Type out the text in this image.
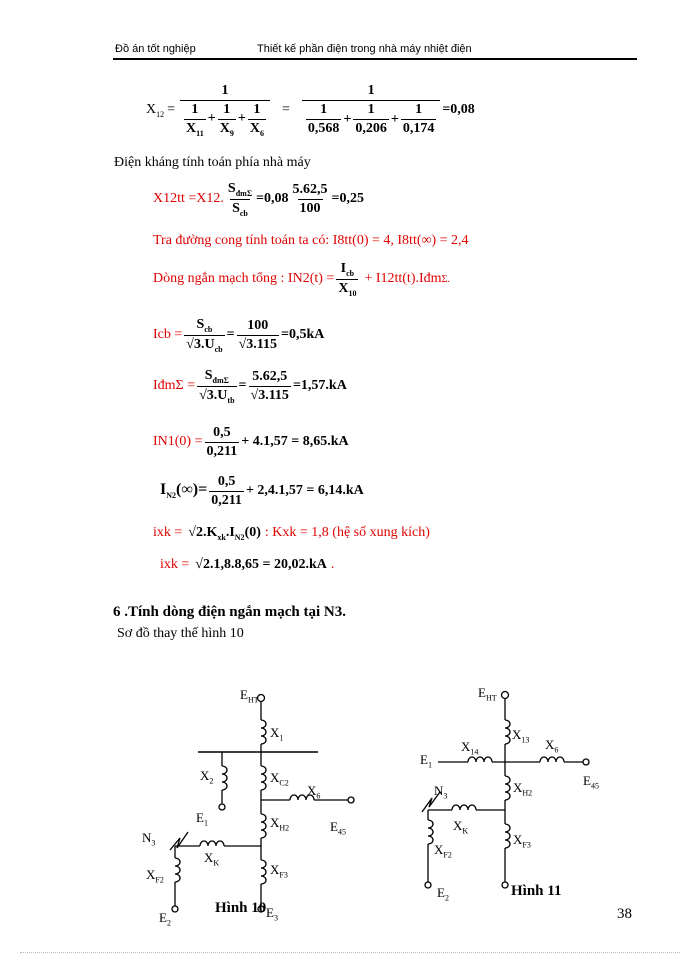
Đồ án tốt nghiệp	Thiết kế phần điện trong nhà máy nhiệt điện
$X_{12} = \frac{1}{\frac{1}{X_{11}} + \frac{1}{X_9} + \frac{1}{X_6}} = \frac{1}{\frac{1}{0,568} + \frac{1}{0,206} + \frac{1}{0,174}} =0,08$
Điện kháng tính toán phía nhà máy
X12tt =X12. $\frac{S_{đm\Sigma}}{S_{cb}} =0,08 \frac{5.62,5}{100} =0,25$
Tra đường cong tính toán ta có: I8tt(0) = 4, I8tt(∞) = 2,4
Dòng ngắn mạch tổng : $IN2(t) = \frac{I_{cb}}{X_{10}}$ + I12tt(t).Iđm Σ.
Icb = $\frac{S_{cb}}{√3.U_{cb}} = \frac{100}{√3.115} =0,5kA$
IđmΣ = $\frac{S_{đm\Sigma}}{√3.U_{tb}} = \frac{5.62,5}{√3.115} =1,57.kA$
$IN1(0) = \frac{0,5}{0,211} + 4.1,57 = 8,65.kA$
$I_{N2}(\infty)= \frac{0,5}{0,211} + 2,4.1,57 = 6,14.kA$
ixk = $√2.K_{xk}.I_{N2}(0)$ : Kxk = 1,8 (hệ số xung kích)
ixk = √2.1,8.8,65 = 20,02.kA .
6 .Tính dòng điện ngắn mạch tại N3.
Sơ đồ thay thế hình 10
$E_{HT}$
$X_1$
$X_2$	$X_{C2}$ $X_6$
$E_1$	$X_{H2}$	$E_{45}$
$N_3$
$X_K$
$X_{F2}$
$X_{F3}$
$E_2$
$E_3$
Hình 10
$E_{HT}$
$X_{13}$
$X_{14}$
$X_6$
$E_1$
$E_{45}$
$X_{H2}$
$N_3$
$X_K$
$X_{F2}$
$X_{F3}$
$E_2$	Hình 11
38
